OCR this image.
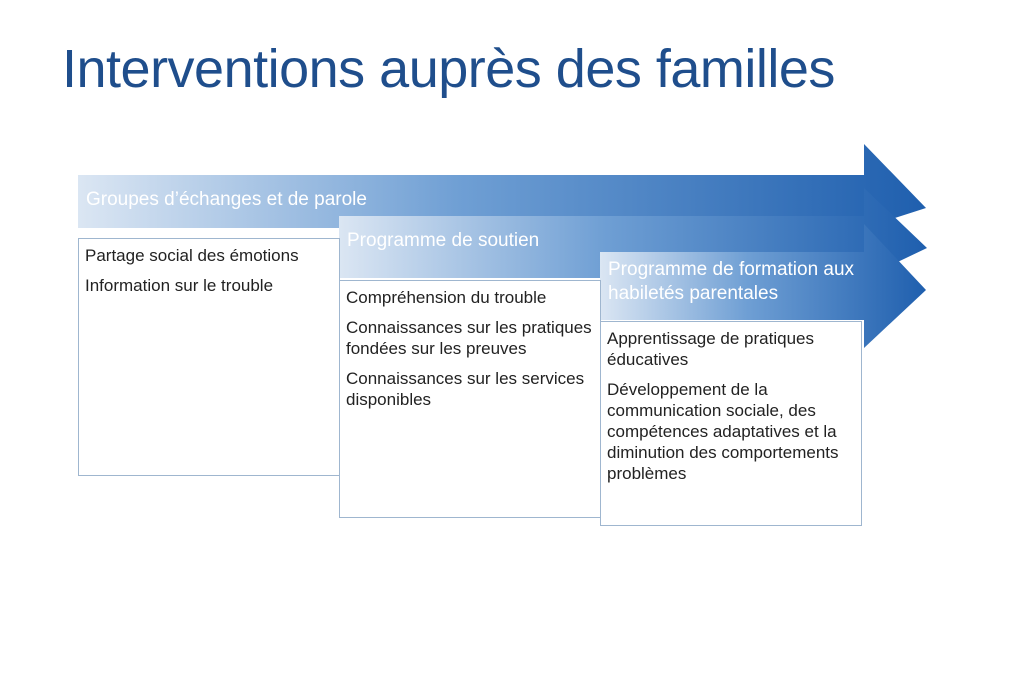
Interventions auprès des familles
Groupes d’échanges et de parole
Programme de soutien
Programme de formation aux habiletés parentales

Partage social des émotions

Information sur le trouble

Compréhension du trouble

Connaissances sur les pratiques fondées sur les preuves

Connaissances sur les services disponibles

Apprentissage de pratiques éducatives

Développement de la communication sociale, des compétences adaptatives et la diminution des comportements problèmes
